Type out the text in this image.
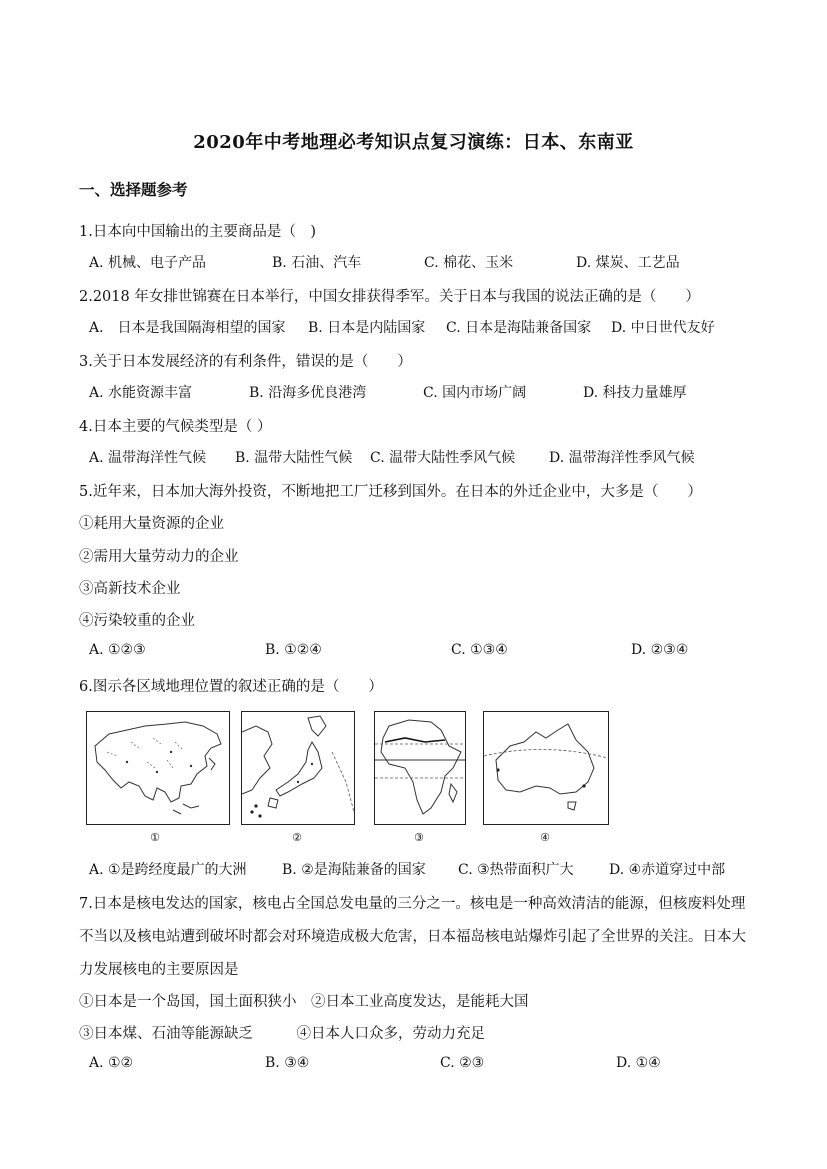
2020年中考地理必考知识点复习演练：日本、东南亚
一、选择题参考
1.日本向中国输出的主要商品是（　)
A. 机械、电子产品	B. 石油、汽车	C. 棉花、玉米	D. 煤炭、工艺品
2.2018 年女排世锦赛在日本举行，中国女排获得季军。关于日本与我国的说法正确的是（　　）
A.　日本是我国隔海相望的国家 B. 日本是内陆国家 C. 日本是海陆兼备国家 D. 中日世代友好
3.关于日本发展经济的有利条件，错误的是（　　）
A. 水能资源丰富	B. 沿海多优良港湾	C. 国内市场广阔	D. 科技力量雄厚
4.日本主要的气候类型是（ ）
A. 温带海洋性气候 B. 温带大陆性气候 C. 温带大陆性季风气候 D. 温带海洋性季风气候
5.近年来，日本加大海外投资，不断地把工厂迁移到国外。在日本的外迁企业中，大多是（　　）
①耗用大量资源的企业
②需用大量劳动力的企业
③高新技术企业
④污染较重的企业
A. ①②③	B. ①②④	C. ①③④	D. ②③④
6.图示各区域地理位置的叙述正确的是（　　）
①	②	③	④
A. ①是跨经度最广的大洲	B. ②是海陆兼备的国家 C. ③热带面积广大	D. ④赤道穿过中部
7.日本是核电发达的国家，核电占全国总发电量的三分之一。核电是一种高效清洁的能源，但核废料处理
不当以及核电站遭到破坏时都会对环境造成极大危害，日本福岛核电站爆炸引起了全世界的关注。日本大
力发展核电的主要原因是
①日本是一个岛国，国土面积狭小　②日本工业高度发达，是能耗大国
③日本煤、石油等能源缺乏　　　④日本人口众多，劳动力充足
A. ①②	B. ③④	C. ②③	D. ①④
